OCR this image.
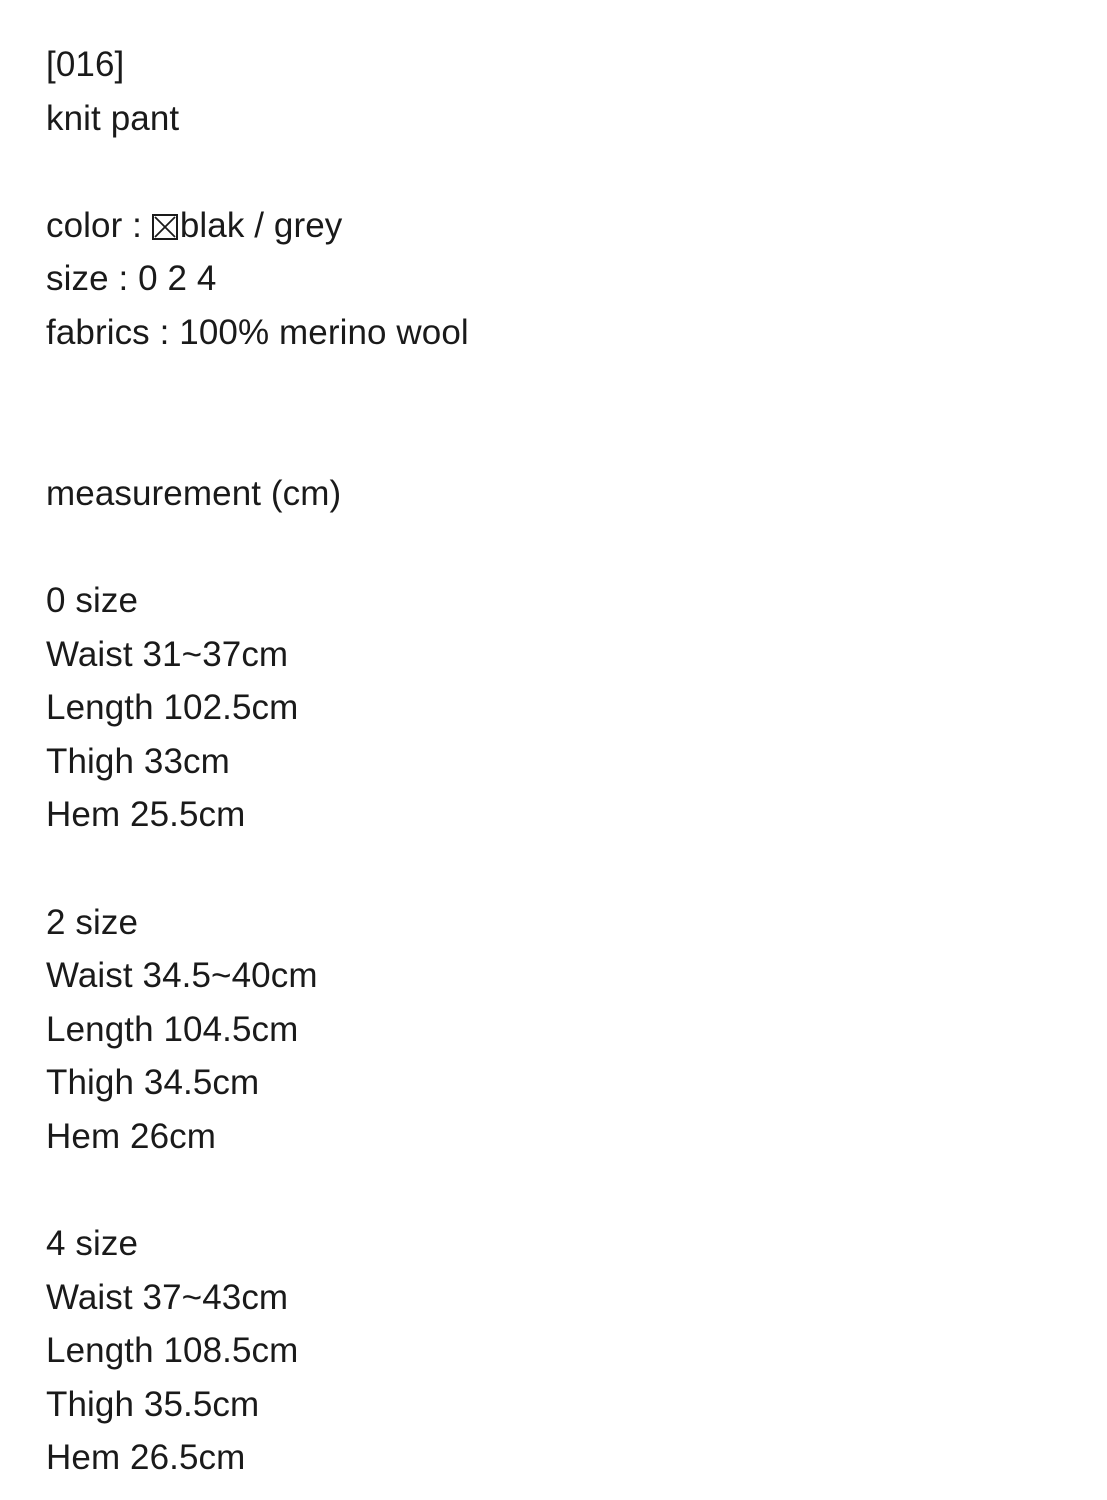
[016]
knit pant
color :
blak / grey
size : 0 2 4
fabrics : 100% merino wool
measurement (cm)
0 size
Waist 31~37cm
Length 102.5cm
Thigh 33cm
Hem 25.5cm
2 size
Waist 34.5~40cm
Length 104.5cm
Thigh 34.5cm
Hem 26cm
4 size
Waist 37~43cm
Length 108.5cm
Thigh 35.5cm
Hem 26.5cm
